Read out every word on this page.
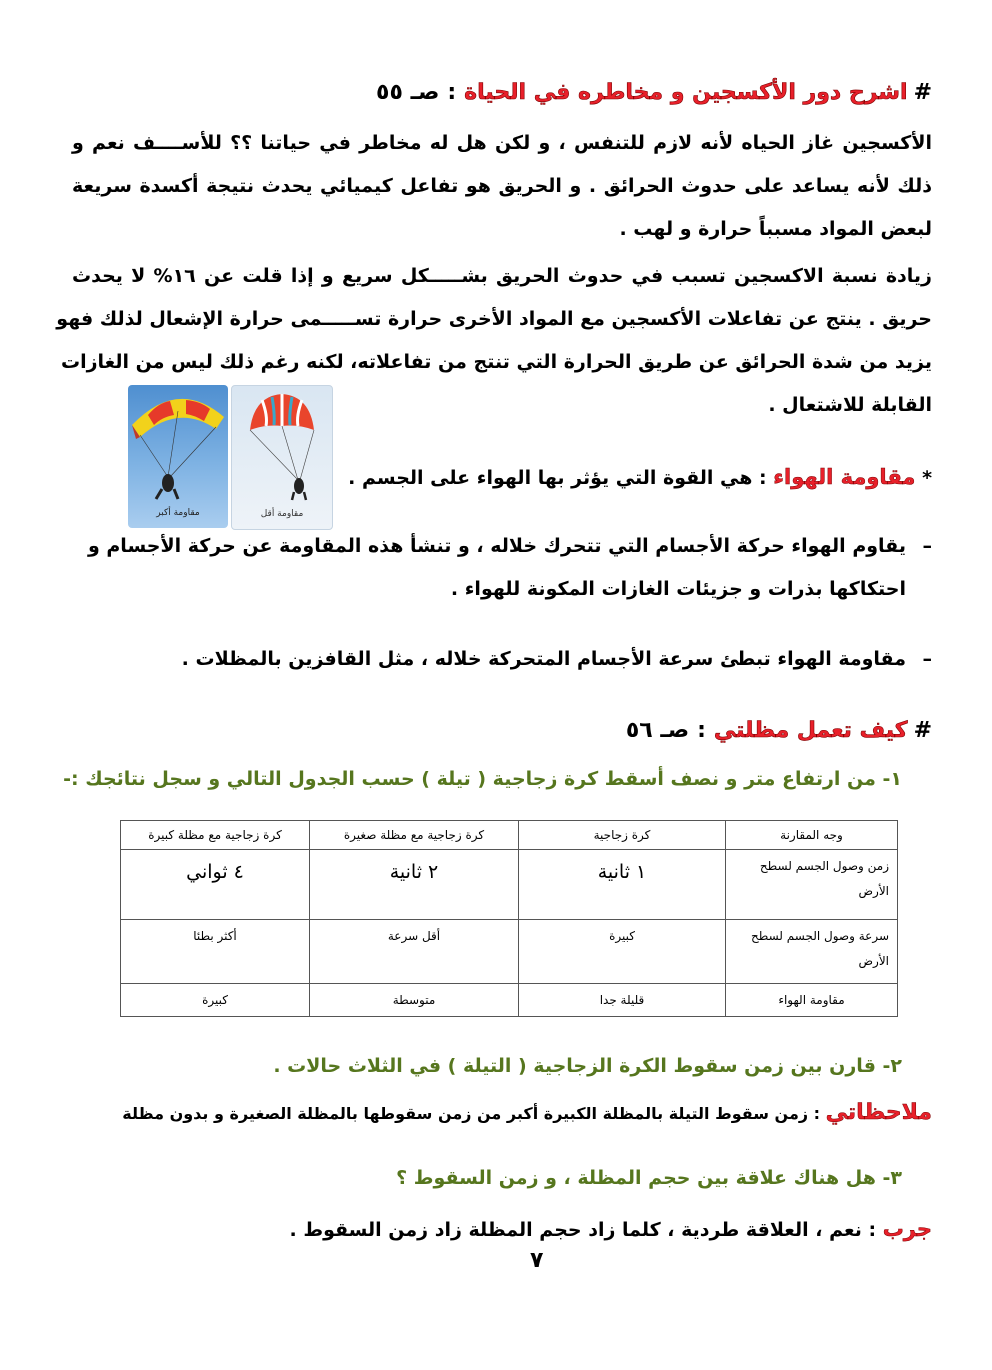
#اشرح دور الأكسجين و مخاطره في الحياة:صـ ٥٥
الأكسجين غاز الحياه لأنه لازم للتنفس ، و لكن هل له مخاطر في حياتنا ؟؟ للأســــف نعم و
ذلك لأنه يساعد على حدوث الحرائق . و الحريق هو تفاعل كيميائي يحدث نتيجة أكسدة سريعة
لبعض المواد مسبباً حرارة و لهب .
زيادة نسبة الاكسجين تسبب في حدوث الحريق بشـــــكل سريع و إذا قلت عن ١٦% لا يحدث
حريق . ينتج عن تفاعلات الأكسجين مع المواد الأخرى حرارة تســـــمى حرارة الإشعال لذلك فهو
يزيد من شدة الحرائق عن طريق الحرارة التي تنتج من تفاعلاته، لكنه رغم ذلك ليس من الغازات
القابلة للاشتعال .
مقاومة أكبر	مقاومة أقل
* مقاومة الهواء : هي القوة التي يؤثر بها الهواء على الجسم .
–
يقاوم الهواء حركة الأجسام التي تتحرك خلاله ، و تنشأ هذه المقاومة عن حركة الأجسام و
احتكاكها بذرات و جزيئات الغازات المكونة للهواء .
–
مقاومة الهواء تبطئ سرعة الأجسام المتحركة خلاله ، مثل القافزين بالمظلات .
#كيف تعمل مظلتي:صـ ٥٦
١- من ارتفاع متر و نصف أسقط كرة زجاجية ( تيلة ) حسب الجدول التالي و سجل نتائجك :-
وجه المقارنة	كرة زجاجية	كرة زجاجية مع مظلة صغيرة	كرة زجاجية مع مظلة كبيرة
زمن وصول الجسم لسطح الأرض	١ ثانية	٢ ثانية	٤ ثواني
سرعة وصول الجسم لسطح الأرض	كبيرة	أقل سرعة	أكثر بطئا
مقاومة الهواء	قليلة جدا	متوسطة	كبيرة
٢- قارن بين زمن سقوط الكرة الزجاجية ( التيلة ) في الثلاث حالات .
ملاحظاتي : زمن سقوط التيلة بالمظلة الكبيرة أكبر من زمن سقوطها بالمظلة الصغيرة و بدون مظلة
٣- هل هناك علاقة بين حجم المظلة ، و زمن السقوط ؟
جرب : نعم ، العلاقة طردية ، كلما زاد حجم المظلة زاد زمن السقوط .
٧
